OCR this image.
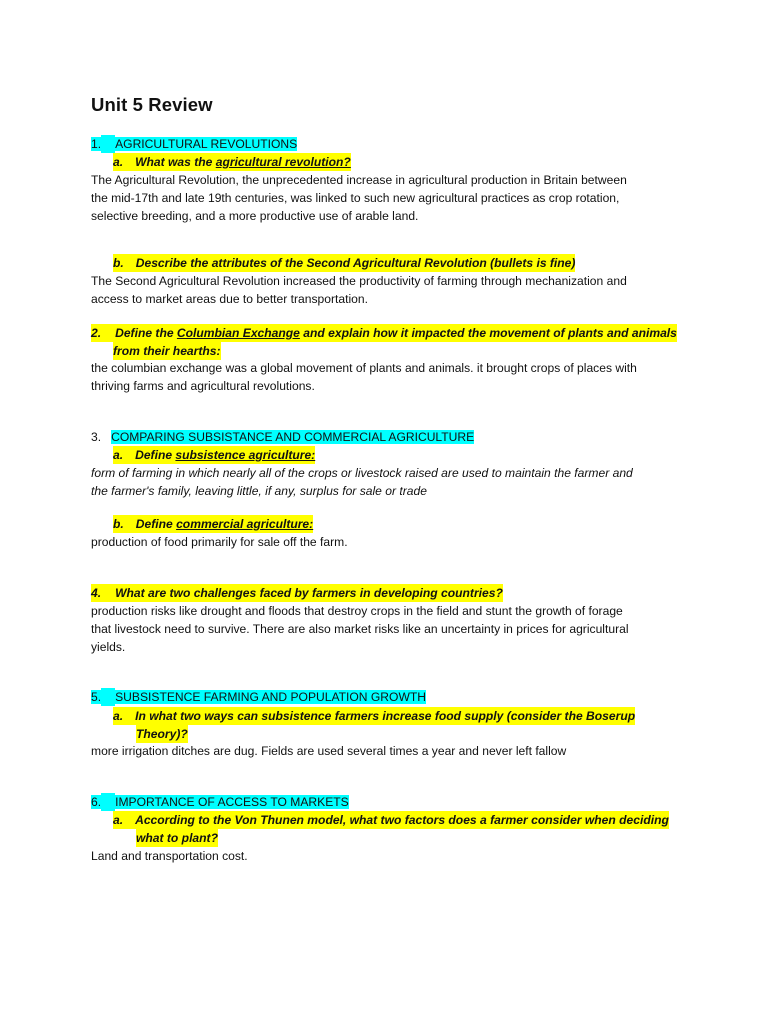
Unit 5 Review
1. AGRICULTURAL REVOLUTIONS
a. What was the agricultural revolution?
The Agricultural Revolution, the unprecedented increase in agricultural production in Britain between
the mid-17th and late 19th centuries, was linked to such new agricultural practices as crop rotation,
selective breeding, and a more productive use of arable land.
b. Describe the attributes of the Second Agricultural Revolution (bullets is fine)
The Second Agricultural Revolution increased the productivity of farming through mechanization and
access to market areas due to better transportation.
2. Define the Columbian Exchange and explain how it impacted the movement of plants and animals
from their hearths:
the columbian exchange was a global movement of plants and animals. it brought crops of places with
thriving farms and agricultural revolutions.
3. COMPARING SUBSISTANCE AND COMMERCIAL AGRICULTURE
a. Define subsistence agriculture:
form of farming in which nearly all of the crops or livestock raised are used to maintain the farmer and
the farmer's family, leaving little, if any, surplus for sale or trade
b. Define commercial agriculture:
production of food primarily for sale off the farm.
4. What are two challenges faced by farmers in developing countries?
production risks like drought and floods that destroy crops in the field and stunt the growth of forage
that livestock need to survive. There are also market risks like an uncertainty in prices for agricultural
yields.
5. SUBSISTENCE FARMING AND POPULATION GROWTH
a. In what two ways can subsistence farmers increase food supply (consider the Boserup
Theory)?
more irrigation ditches are dug. Fields are used several times a year and never left fallow
6. IMPORTANCE OF ACCESS TO MARKETS
a. According to the Von Thunen model, what two factors does a farmer consider when deciding
what to plant?
Land and transportation cost.
